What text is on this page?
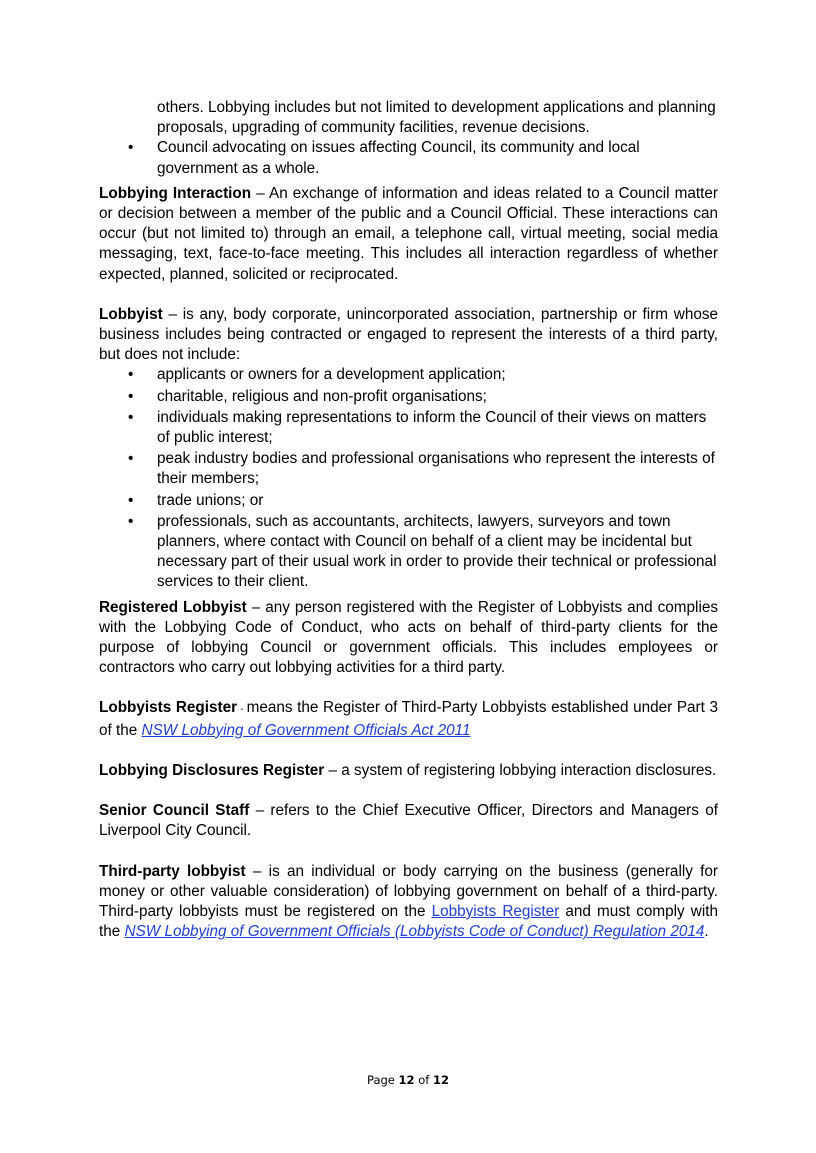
others. Lobbying includes but not limited to development applications and planning proposals, upgrading of community facilities, revenue decisions.

• Council advocating on issues affecting Council, its community and local government as a whole.

Lobbying Interaction – An exchange of information and ideas related to a Council matter or decision between a member of the public and a Council Official. These interactions can occur (but not limited to) through an email, a telephone call, virtual meeting, social media messaging, text, face-to-face meeting. This includes all interaction regardless of whether expected, planned, solicited or reciprocated.

Lobbyist – is any, body corporate, unincorporated association, partnership or firm whose business includes being contracted or engaged to represent the interests of a third party, but does not include:

• applicants or owners for a development application;
• charitable, religious and non-profit organisations;
• individuals making representations to inform the Council of their views on matters of public interest;
• peak industry bodies and professional organisations who represent the interests of their members;
• trade unions; or
• professionals, such as accountants, architects, lawyers, surveyors and town planners, where contact with Council on behalf of a client may be incidental but necessary part of their usual work in order to provide their technical or professional services to their client.

Registered Lobbyist – any person registered with the Register of Lobbyists and complies with the Lobbying Code of Conduct, who acts on behalf of third-party clients for the purpose of lobbying Council or government officials. This includes employees or contractors who carry out lobbying activities for a third party.

Lobbyists Register - means the Register of Third-Party Lobbyists established under Part 3 of the NSW Lobbying of Government Officials Act 2011

Lobbying Disclosures Register – a system of registering lobbying interaction disclosures.

Senior Council Staff – refers to the Chief Executive Officer, Directors and Managers of Liverpool City Council.

Third-party lobbyist – is an individual or body carrying on the business (generally for money or other valuable consideration) of lobbying government on behalf of a third-party. Third-party lobbyists must be registered on the Lobbyists Register and must comply with the NSW Lobbying of Government Officials (Lobbyists Code of Conduct) Regulation 2014.

Page 12 of 12
